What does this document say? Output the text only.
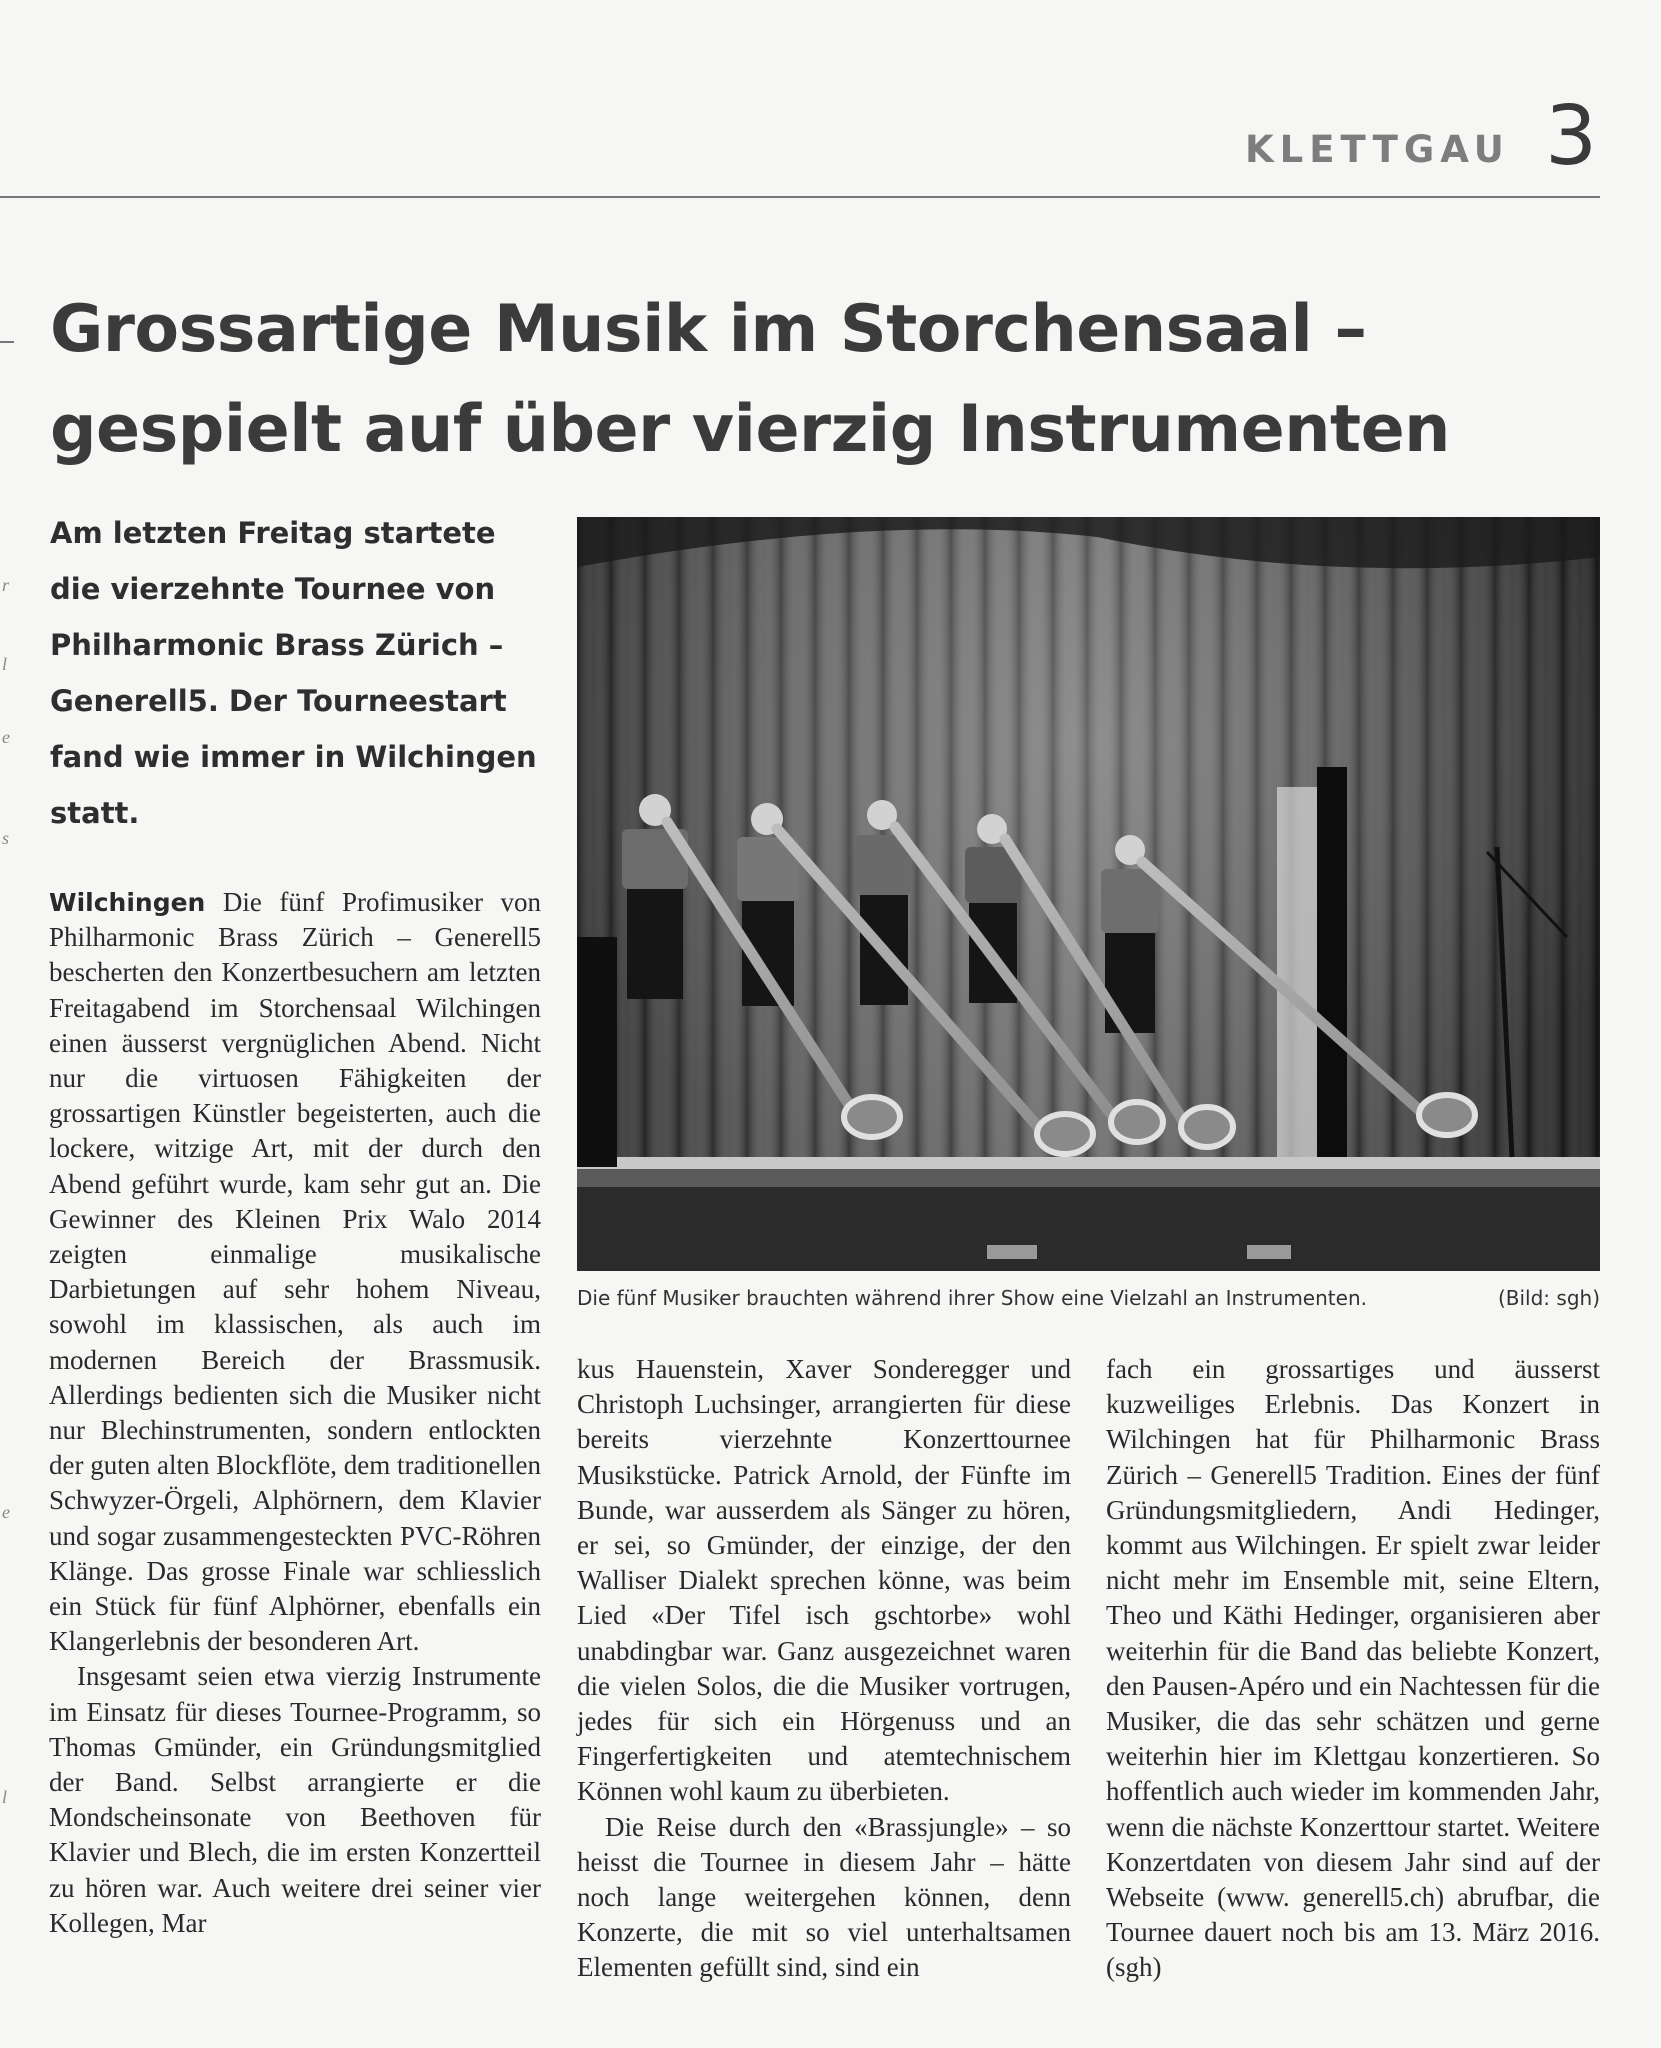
KLETTGAU 3
r
l
e
s
e
l
Grossartige Musik im Storchensaal – gespielt auf über vierzig Instrumenten

Am letzten Freitag startete die vierzehnte Tournee von Philharmonic Brass Zürich – Generell5. Der Tourneestart fand wie immer in Wilchingen statt.

Die fünf Musiker brauchten während ihrer Show eine Vielzahl an Instrumenten.	(Bild: sgh)

Wilchingen Die fünf Profimusiker von Philharmonic Brass Zürich – Generell5 bescherten den Konzertbesuchern am letzten Freitagabend im Storchensaal Wilchingen einen äusserst vergnüglichen Abend. Nicht nur die virtuosen Fähigkeiten der grossartigen Künstler begeisterten, auch die lockere, witzige Art, mit der durch den Abend geführt wurde, kam sehr gut an. Die Gewinner des Kleinen Prix Walo 2014 zeigten einmalige musikalische Darbietungen auf sehr hohem Niveau, sowohl im klassischen, als auch im modernen Bereich der Brassmusik. Allerdings bedienten sich die Musiker nicht nur Blechinstrumenten, sondern entlockten der guten alten Blockflöte, dem traditionellen Schwyzer-Örgeli, Alphörnern, dem Klavier und sogar zusammengesteckten PVC-Röhren Klänge. Das grosse Finale war schliesslich ein Stück für fünf Alphörner, ebenfalls ein Klangerlebnis der besonderen Art.

Insgesamt seien etwa vierzig Instrumente im Einsatz für dieses Tournee-Programm, so Thomas Gmünder, ein Gründungsmitglied der Band. Selbst arrangierte er die Mondscheinsonate von Beethoven für Klavier und Blech, die im ersten Konzertteil zu hören war. Auch weitere drei seiner vier Kollegen, Mar

kus Hauenstein, Xaver Sonderegger und Christoph Luchsinger, arrangierten für diese bereits vierzehnte Konzerttournee Musikstücke. Patrick Arnold, der Fünfte im Bunde, war ausserdem als Sänger zu hören, er sei, so Gmünder, der einzige, der den Walliser Dialekt sprechen könne, was beim Lied «Der Tifel isch gschtorbe» wohl unabdingbar war. Ganz ausgezeichnet waren die vielen Solos, die die Musiker vortrugen, jedes für sich ein Hörgenuss und an Fingerfertigkeiten und atemtechnischem Können wohl kaum zu überbieten.

Die Reise durch den «Brassjungle» – so heisst die Tournee in diesem Jahr – hätte noch lange weitergehen können, denn Konzerte, die mit so viel unterhaltsamen Elementen gefüllt sind, sind ein

fach ein grossartiges und äusserst kuzweiliges Erlebnis. Das Konzert in Wilchingen hat für Philharmonic Brass Zürich – Generell5 Tradition. Eines der fünf Gründungsmitgliedern, Andi Hedinger, kommt aus Wilchingen. Er spielt zwar leider nicht mehr im Ensemble mit, seine Eltern, Theo und Käthi Hedinger, organisieren aber weiterhin für die Band das beliebte Konzert, den Pausen-Apéro und ein Nachtessen für die Musiker, die das sehr schätzen und gerne weiterhin hier im Klettgau konzertieren. So hoffentlich auch wieder im kommenden Jahr, wenn die nächste Konzerttour startet. Weitere Konzertdaten von diesem Jahr sind auf der Webseite (www. generell5.ch) abrufbar, die Tournee dauert noch bis am 13. März 2016. (sgh)
